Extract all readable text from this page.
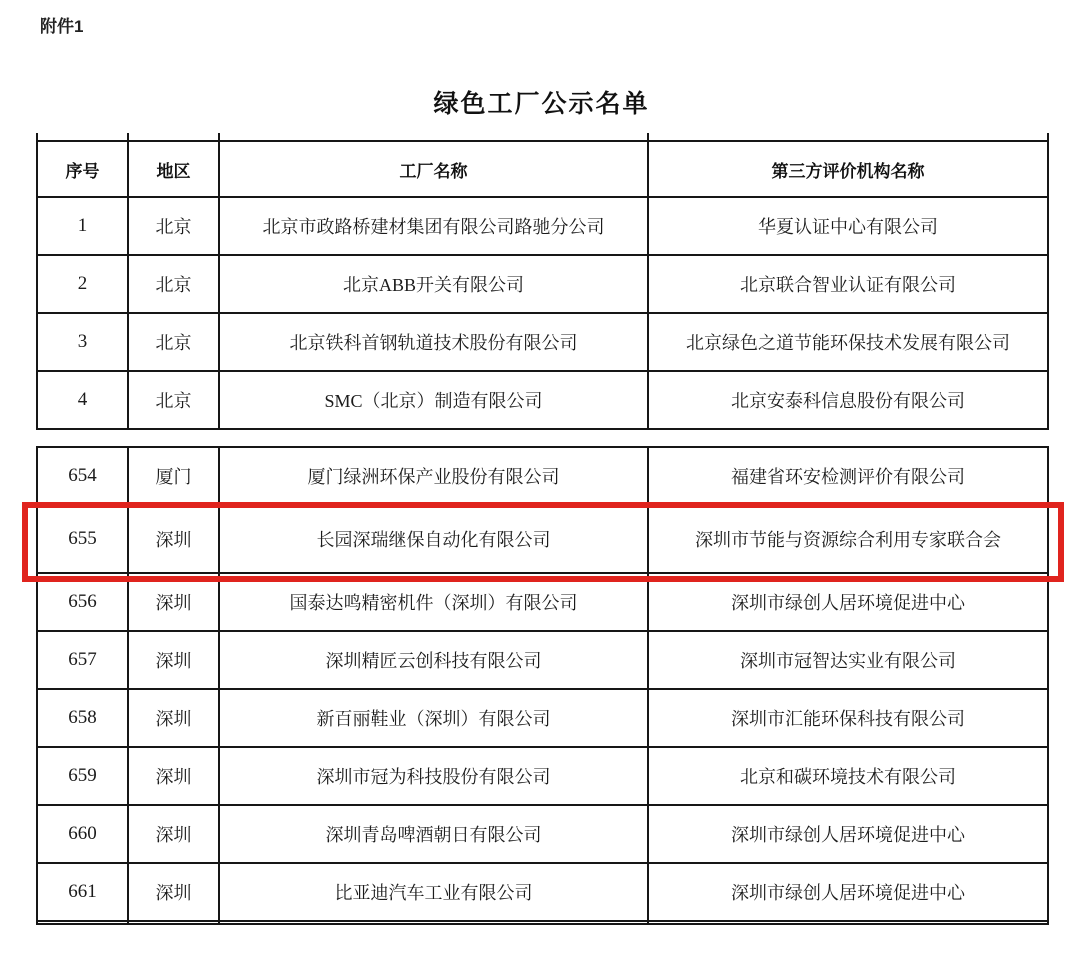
附件1
绿色工厂公示名单

序号	地区	工厂名称	第三方评价机构名称
1	北京	北京市政路桥建材集团有限公司路驰分公司	华夏认证中心有限公司
2	北京	北京ABB开关有限公司	北京联合智业认证有限公司
3	北京	北京铁科首钢轨道技术股份有限公司	北京绿色之道节能环保技术发展有限公司
4	北京	SMC（北京）制造有限公司	北京安泰科信息股份有限公司
654	厦门	厦门绿洲环保产业股份有限公司	福建省环安检测评价有限公司
655	深圳	长园深瑞继保自动化有限公司	深圳市节能与资源综合利用专家联合会
656	深圳	国泰达鸣精密机件（深圳）有限公司	深圳市绿创人居环境促进中心
657	深圳	深圳精匠云创科技有限公司	深圳市冠智达实业有限公司
658	深圳	新百丽鞋业（深圳）有限公司	深圳市汇能环保科技有限公司
659	深圳	深圳市冠为科技股份有限公司	北京和碳环境技术有限公司
660	深圳	深圳青岛啤酒朝日有限公司	深圳市绿创人居环境促进中心
661	深圳	比亚迪汽车工业有限公司	深圳市绿创人居环境促进中心
